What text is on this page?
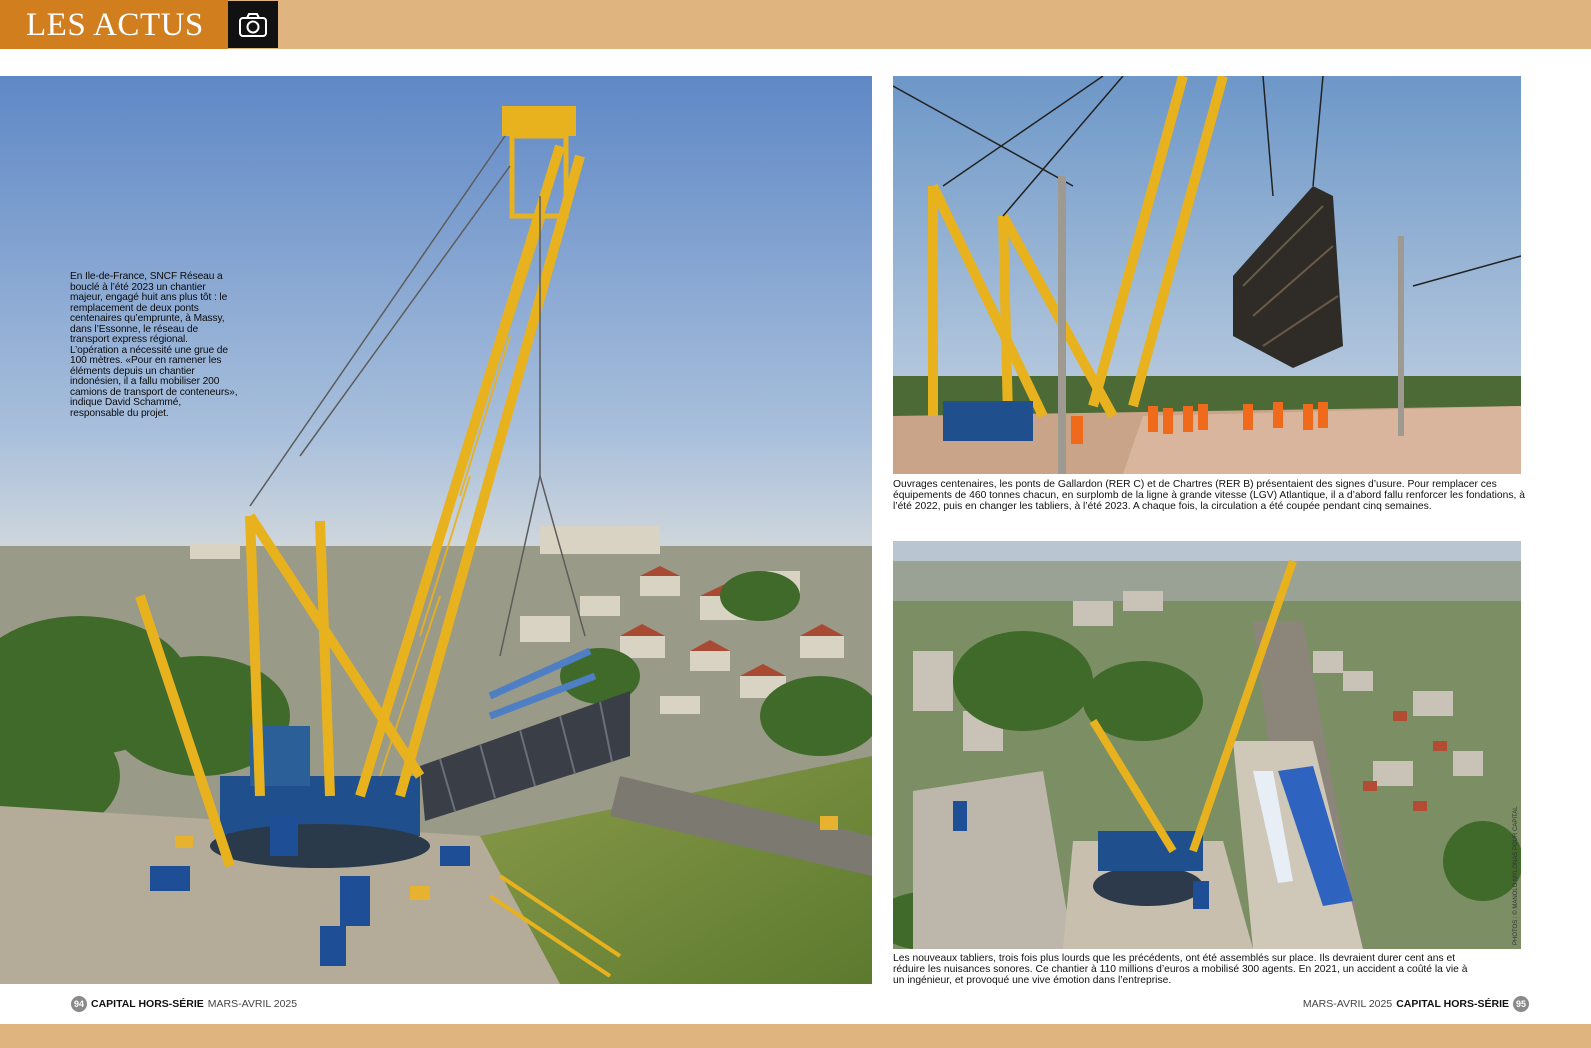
LES ACTUS
En Ile-de-France, SNCF Réseau a bouclé à l’été 2023 un chantier majeur, engagé huit ans plus tôt : le remplacement de deux ponts centenaires qu’emprunte, à Massy, dans l’Essonne, le réseau de transport express régional. L’opération a nécessité une grue de 100 mètres. «Pour en ramener les éléments depuis un chantier indonésien, il a fallu mobiliser 200 camions de transport de conteneurs», indique David Schammé, responsable du projet.
Ouvrages centenaires, les ponts de Gallardon (RER C) et de Chartres (RER B) présentaient des signes d’usure. Pour remplacer ces équipements de 460 tonnes chacun, en surplomb de la ligne à grande vitesse (LGV) Atlantique, il a d’abord fallu renforcer les fondations, à l’été 2022, puis en changer les tabliers, à l’été 2023. A chaque fois, la circulation a été coupée pendant cinq semaines.
PHOTOS : © MANOLO MYLONAS POUR CAPITAL
Les nouveaux tabliers, trois fois plus lourds que les précédents, ont été assemblés sur place. Ils devraient durer cent ans et réduire les nuisances sonores. Ce chantier à 110 millions d’euros a mobilisé 300 agents. En 2021, un accident a coûté la vie à un ingénieur, et provoqué une vive émotion dans l’entreprise.
94 CAPITAL HORS-SÉRIE MARS-AVRIL 2025	MARS-AVRIL 2025 CAPITAL HORS-SÉRIE 95
